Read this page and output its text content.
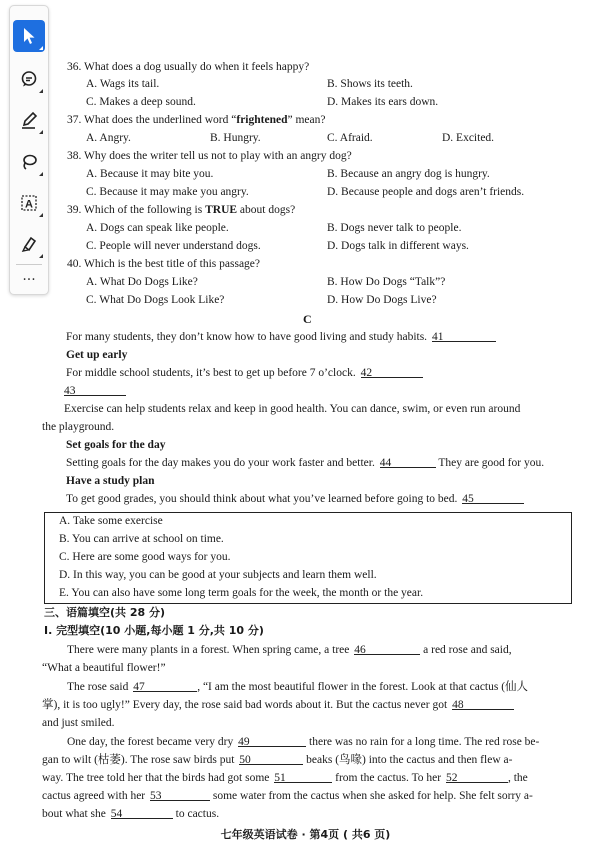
A
···
36. What does a dog usually do when it feels happy?
A. Wags its tail.	B. Shows its teeth.
C. Makes a deep sound.	D. Makes its ears down.
37. What does the underlined word “frightened” mean?
A. Angry.	B. Hungry.	C. Afraid.	D. Excited.
38. Why does the writer tell us not to play with an angry dog?
A. Because it may bite you.	B. Because an angry dog is hungry.
C. Because it may make you angry.	D. Because people and dogs aren’t friends.
39. Which of the following is TRUE about dogs?
A. Dogs can speak like people.	B. Dogs never talk to people.
C. People will never understand dogs.	D. Dogs talk in different ways.
40. Which is the best title of this passage?
A. What Do Dogs Like?	B. How Do Dogs “Talk”?
C. What Do Dogs Look Like?	D. How Do Dogs Live?
C
For many students, they don’t know how to have good living and study habits. 41
Get up early
For middle school students, it’s best to get up before 7 o’clock. 42
43
Exercise can help students relax and keep in good health. You can dance, swim, or even run around
the playground.
Set goals for the day
Setting goals for the day makes you do your work faster and better. 44	They are good for you.
Have a study plan
To get good grades, you should think about what you’ve learned before going to bed. 45
A. Take some exercise
B. You can arrive at school on time.
C. Here are some good ways for you.
D. In this way, you can be good at your subjects and learn them well.
E. You can also have some long term goals for the week, the month or the year.
三、语篇填空(共 28 分)
Ⅰ. 完型填空(10 小题,每小题 1 分,共 10 分)
There were many plants in a forest. When spring came, a tree 46	a red rose and said,
“What a beautiful flower!”
The rose said 47	, “I am the most beautiful flower in the forest. Look at that cactus (仙人
掌), it is too ugly!” Every day, the rose said bad words about it. But the cactus never got 48
and just smiled.
One day, the forest became very dry 49	there was no rain for a long time. The red rose be-
gan to wilt (枯萎). The rose saw birds put 50	beaks (鸟喙) into the cactus and then flew a-
way. The tree told her that the birds had got some 51	from the cactus. To her 52	, the
cactus agreed with her 53	some water from the cactus when she asked for help. She felt sorry a-
bout what she 54	to cactus.
七年级英语试卷 · 第4页 ( 共6 页)
